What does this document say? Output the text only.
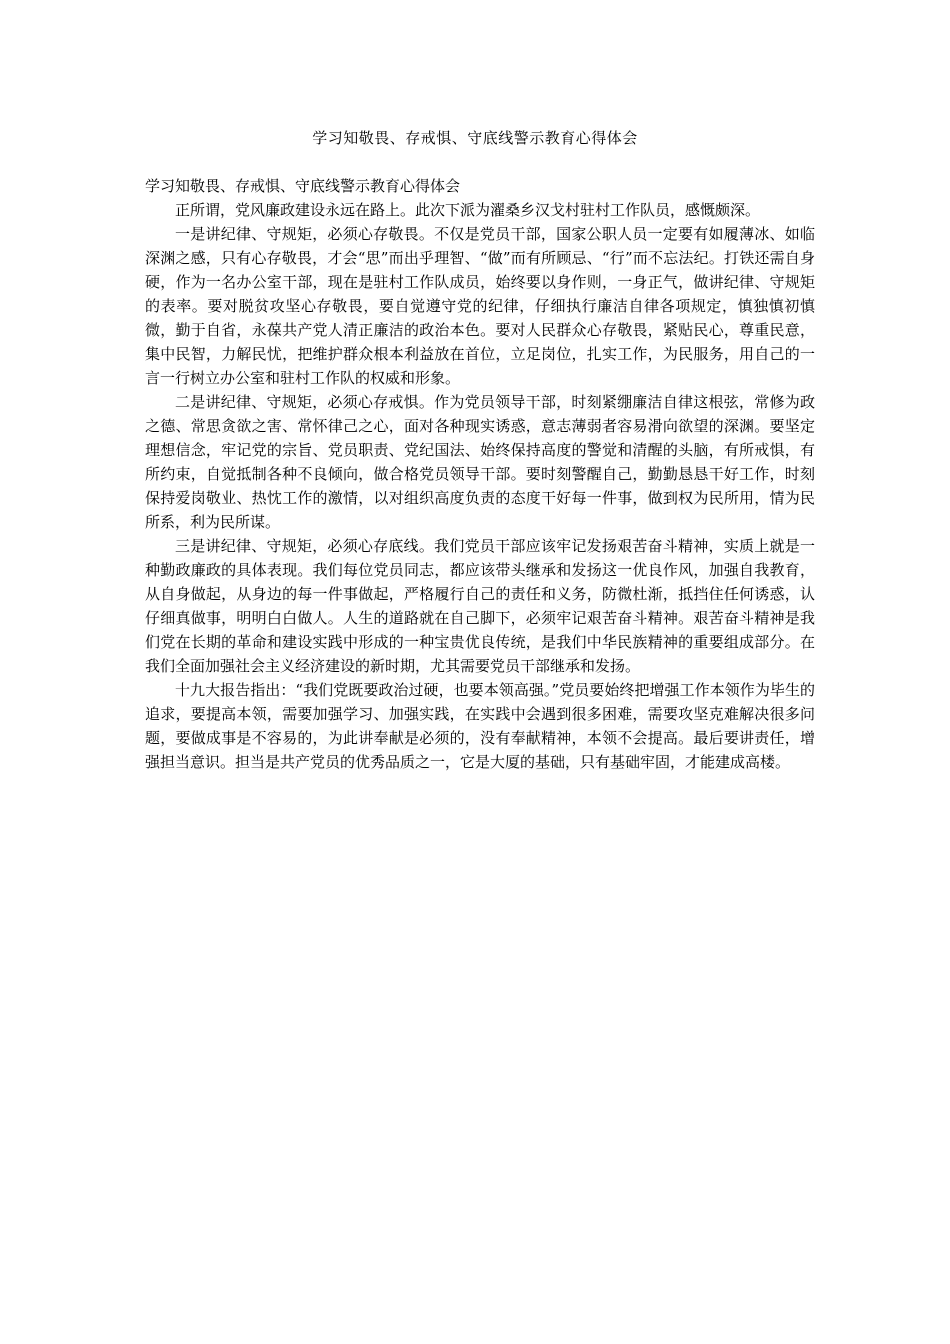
学习知敬畏、存戒惧、守底线警示教育心得体会

学习知敬畏、存戒惧、守底线警示教育心得体会

正所谓，党风廉政建设永远在路上。此次下派为濯桑乡汉戈村驻村工作队员，感慨颇深。

一是讲纪律、守规矩，必须心存敬畏。不仅是党员干部，国家公职人员一定要有如履薄冰、如临深渊之感，只有心存敬畏，才会“思”而出乎理智、“做”而有所顾忌、“行”而不忘法纪。打铁还需自身硬，作为一名办公室干部，现在是驻村工作队成员，始终要以身作则，一身正气，做讲纪律、守规矩的表率。要对脱贫攻坚心存敬畏，要自觉遵守党的纪律，仔细执行廉洁自律各项规定，慎独慎初慎微，勤于自省，永葆共产党人清正廉洁的政治本色。要对人民群众心存敬畏，紧贴民心，尊重民意，集中民智，力解民忧，把维护群众根本利益放在首位，立足岗位，扎实工作，为民服务，用自己的一言一行树立办公室和驻村工作队的权威和形象。

二是讲纪律、守规矩，必须心存戒惧。作为党员领导干部，时刻紧绷廉洁自律这根弦，常修为政之德、常思贪欲之害、常怀律己之心，面对各种现实诱惑，意志薄弱者容易滑向欲望的深渊。要坚定理想信念，牢记党的宗旨、党员职责、党纪国法、始终保持高度的警觉和清醒的头脑，有所戒惧，有所约束，自觉抵制各种不良倾向，做合格党员领导干部。要时刻警醒自己，勤勤恳恳干好工作，时刻保持爱岗敬业、热忱工作的激情，以对组织高度负责的态度干好每一件事，做到权为民所用，情为民所系，利为民所谋。

三是讲纪律、守规矩，必须心存底线。我们党员干部应该牢记发扬艰苦奋斗精神，实质上就是一种勤政廉政的具体表现。我们每位党员同志，都应该带头继承和发扬这一优良作风，加强自我教育，从自身做起，从身边的每一件事做起，严格履行自己的责任和义务，防微杜渐，抵挡住任何诱惑，认仔细真做事，明明白白做人。人生的道路就在自己脚下，必须牢记艰苦奋斗精神。艰苦奋斗精神是我们党在长期的革命和建设实践中形成的一种宝贵优良传统，是我们中华民族精神的重要组成部分。在我们全面加强社会主义经济建设的新时期，尤其需要党员干部继承和发扬。

十九大报告指出：“我们党既要政治过硬，也要本领高强。”党员要始终把增强工作本领作为毕生的追求，要提高本领，需要加强学习、加强实践，在实践中会遇到很多困难，需要攻坚克难解决很多问题，要做成事是不容易的，为此讲奉献是必须的，没有奉献精神，本领不会提高。最后要讲责任，增强担当意识。担当是共产党员的优秀品质之一，它是大厦的基础，只有基础牢固，才能建成高楼。
